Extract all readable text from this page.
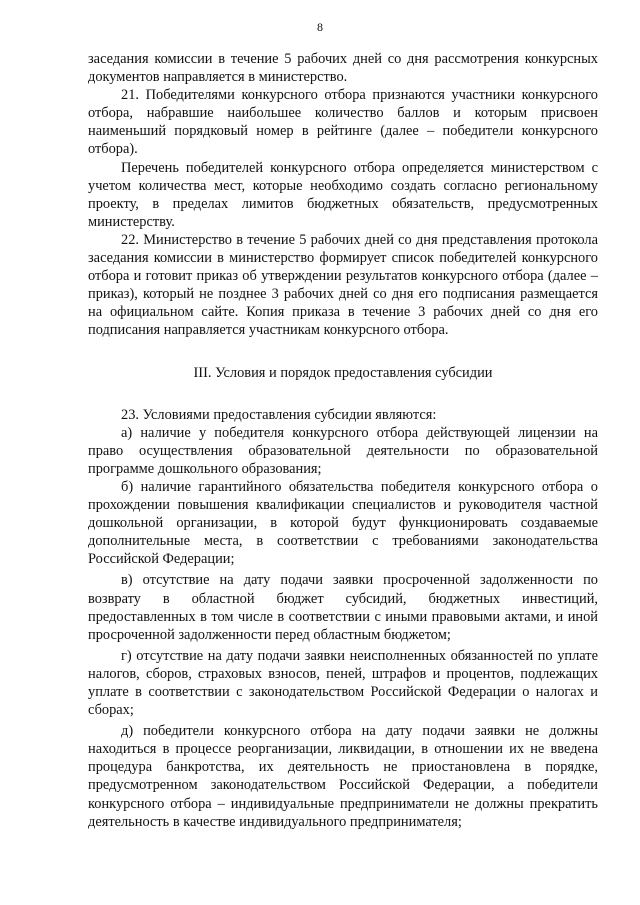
8

заседания комиссии в течение 5 рабочих дней со дня рассмотрения конкурсных документов направляется в министерство.

21. Победителями конкурсного отбора признаются участники конкурсного отбора, набравшие наибольшее количество баллов и которым присвоен наименьший порядковый номер в рейтинге (далее – победители конкурсного отбора).

Перечень победителей конкурсного отбора определяется министерством с учетом количества мест, которые необходимо создать согласно региональному проекту, в пределах лимитов бюджетных обязательств, предусмотренных министерству.

22. Министерство в течение 5 рабочих дней со дня представления протокола заседания комиссии в министерство формирует список победителей конкурсного отбора и готовит приказ об утверждении результатов конкурсного отбора (далее – приказ), который не позднее 3 рабочих дней со дня его подписания размещается на официальном сайте. Копия приказа в течение 3 рабочих дней со дня его подписания направляется участникам конкурсного отбора.

III. Условия и порядок предоставления субсидии

23. Условиями предоставления субсидии являются:

а) наличие у победителя конкурсного отбора действующей лицензии на право осуществления образовательной деятельности по образовательной программе дошкольного образования;

б) наличие гарантийного обязательства победителя конкурсного отбора о прохождении повышения квалификации специалистов и руководителя частной дошкольной организации, в которой будут функционировать создаваемые дополнительные места, в соответствии с требованиями законодательства Российской Федерации;

в) отсутствие на дату подачи заявки просроченной задолженности по возврату в областной бюджет субсидий, бюджетных инвестиций, предоставленных в том числе в соответствии с иными правовыми актами, и иной просроченной задолженности перед областным бюджетом;

г) отсутствие на дату подачи заявки неисполненных обязанностей по уплате налогов, сборов, страховых взносов, пеней, штрафов и процентов, подлежащих уплате в соответствии с законодательством Российской Федерации о налогах и сборах;

д) победители конкурсного отбора на дату подачи заявки не должны находиться в процессе реорганизации, ликвидации, в отношении их не введена процедура банкротства, их деятельность не приостановлена в порядке, предусмотренном законодательством Российской Федерации, а победители конкурсного отбора – индивидуальные предприниматели не должны прекратить деятельность в качестве индивидуального предпринимателя;
